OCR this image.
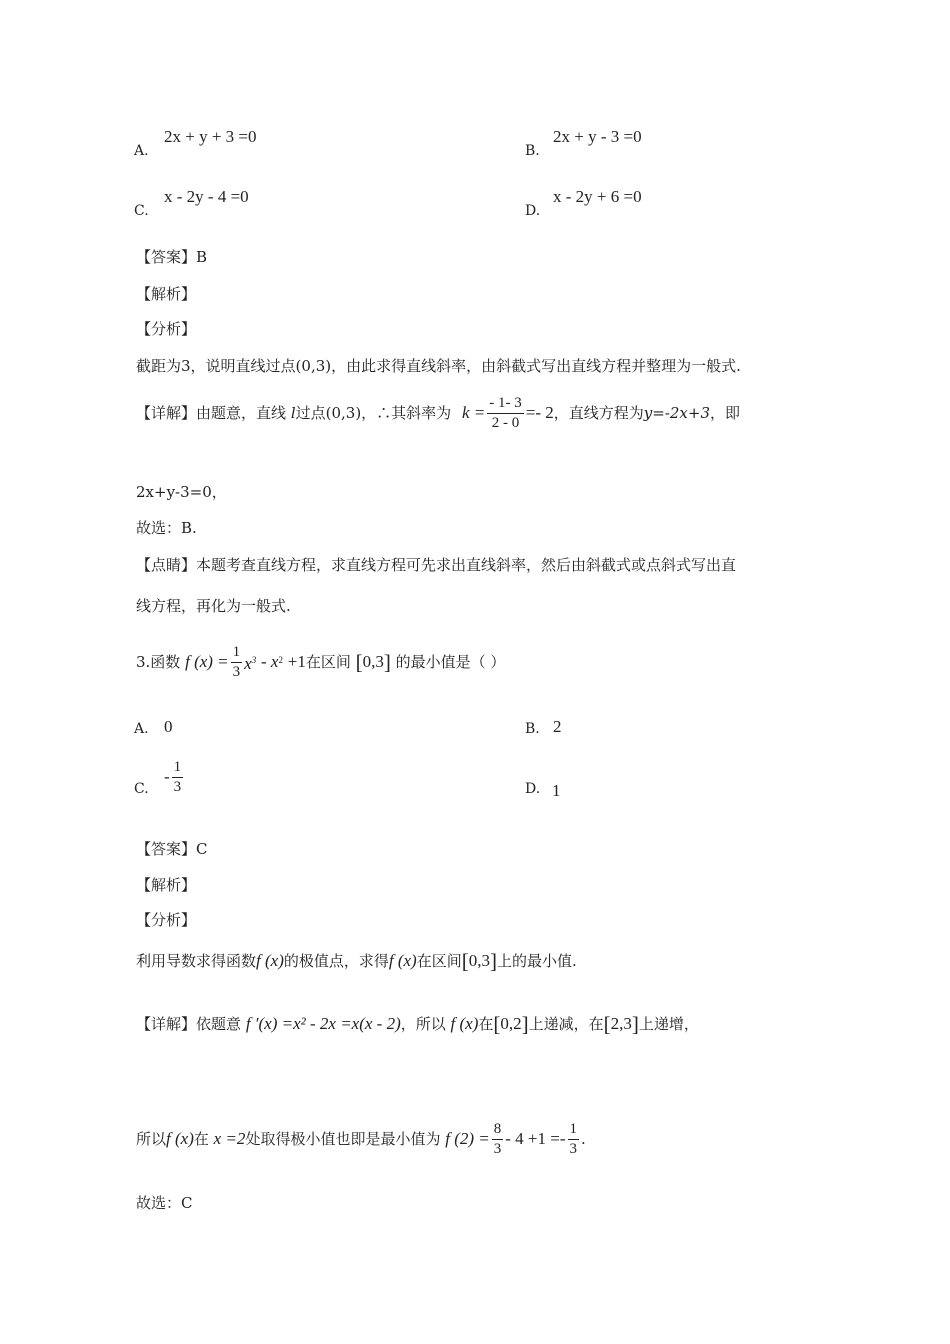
A.
2x + y + 3 =0
B.
2x + y - 3 =0
C.
x - 2y - 4 =0
D.
x - 2y + 6 =0
【答案】B
【解析】
【分析】
截距为3，说明直线过点(0,3)，由此求得直线斜率，由斜截式写出直线方程并整理为一般式.
【详解】由题意，直线 l过点(0,3)，∴其斜率为 $k = \frac{- 1- 3}{2 - 0} =- 2$，直线方程为y=-2x+3，即
2x+y-3=0，
故选：B.
【点睛】本题考查直线方程，求直线方程可先求出直线斜率，然后由斜截式或点斜式写出直
线方程，再化为一般式.
3.函数 f $(x) = \frac{1}{3} x^3 - x^2 +1$在区间 [0,3] 的最小值是（ ）
A. 0	B. 2
C.
- $\frac{1}{3}$	D. 1
【答案】C
【解析】
【分析】
利用导数求得函数f (x)的极值点，求得f (x)在区间[0,3]上的最小值.
【详解】依题意 f ′(x) =x² - 2x =x(x - 2)，所以 f (x)在[0,2]上递减，在[2,3]上递增，
所以f (x)在 x =2处取得极小值也即是最小值为 f $(2) = \frac{8}{3} - 4 +1 =- \frac{1}{3}$ .
故选：C
